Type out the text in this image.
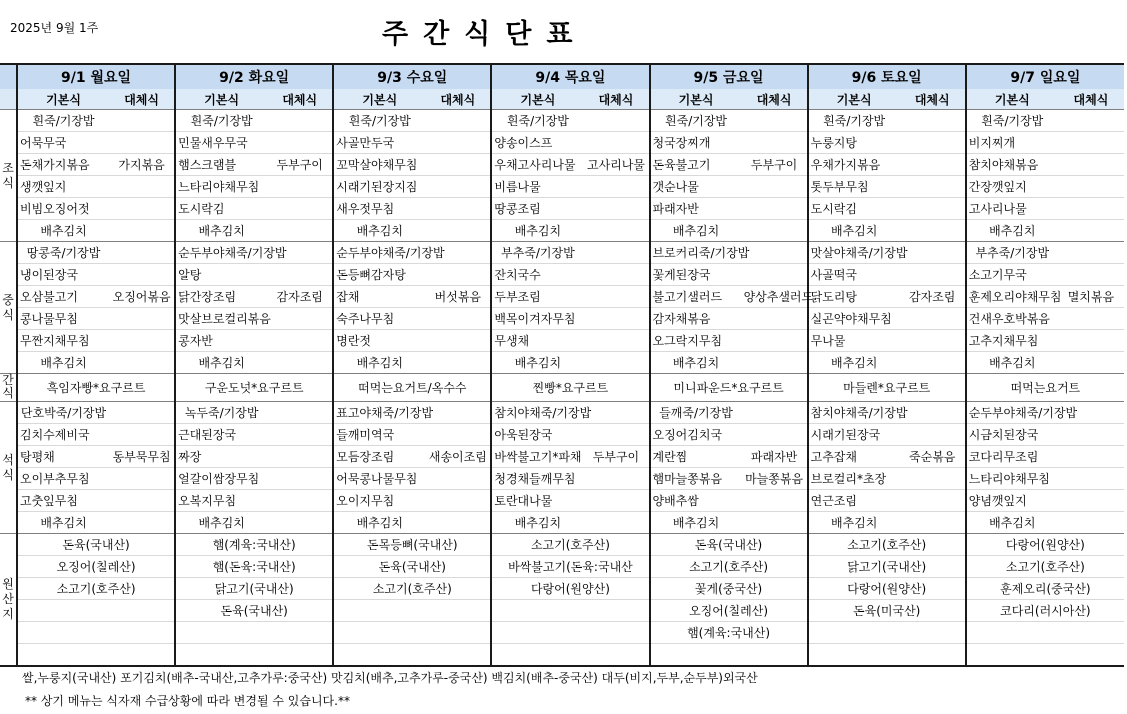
2025년 9월 1주	주간식단표
	9/1 월요일		9/2 화요일		9/3 수요일		9/4 목요일		9/5 금요일		9/6 토요일		9/7 일요일	
	기본식	대체식	기본식	대체식	기본식	대체식	기본식	대체식	기본식	대체식	기본식	대체식	기본식	대체식
조식	흰죽/기장밥		흰죽/기장밥		흰죽/기장밥		흰죽/기장밥		흰죽/기장밥		흰죽/기장밥		흰죽/기장밥	
	어묵무국		민물새우무국		사골만두국		양송이스프		청국장찌개		누룽지탕		비지찌개	
	돈채가지볶음	가지볶음	햄스크램블	두부구이	꼬막살야채무침		우채고사리나물	고사리나물	돈육불고기	두부구이	우채가지볶음		참치야채볶음	
	생깻잎지		느타리야채무침		시래기된장지짐		비름나물		갯순나물		톳두부무침		간장깻잎지	
	비빔오징어젓		도시락김		새우젓무침		땅콩조림		파래자반		도시락김		고사리나물	
	배추김치		배추김치		배추김치		배추김치		배추김치		배추김치		배추김치	
중식	땅콩죽/기장밥		순두부야채죽/기장밥		순두부야채죽/기장밥		부추죽/기장밥		브로커리죽/기장밥		맛살야채죽/기장밥		부추죽/기장밥	
	냉이된장국		알탕		돈등뼈감자탕		잔치국수		꽃게된장국		사골떡국		소고기무국	
	오삼불고기	오징어볶음	닭간장조림	감자조림	잡채	버섯볶음	두부조림		불고기샐러드	양상추샐러드	닭도리탕	감자조림	훈제오리야채무침	멸치볶음
	콩나물무침		맛살브로컬리볶음		숙주나무침		백목이겨자무침		감자채볶음		실곤약야채무침		건새우호박볶음	
	무짠지채무침		콩자반		명란젓		무생채		오그락지무침		무나물		고추지채무침	
	배추김치		배추김치		배추김치		배추김치		배추김치		배추김치		배추김치	
간식	흑임자빵*요구르트		구운도넛*요구르트		떠먹는요거트/옥수수		찐빵*요구르트		미니파운드*요구르트		마들렌*요구르트		떠먹는요거트	
석식	단호박죽/기장밥		녹두죽/기장밥		표고야채죽/기장밥		참치야채죽/기장밥		들깨죽/기장밥		참치야채죽/기장밥		순두부야채죽/기장밥	
	김치수제비국		근대된장국		들깨미역국		아욱된장국		오징어김치국		시래기된장국		시금치된장국	
	탕평채	동부묵무침	짜장		모듬장조림	새송이조림	바싹불고기*파채	두부구이	계란찜	파래자반	고추잡채	죽순볶음	코다리무조림	
	오이부추무침		얼갈이쌈장무침		어묵콩나물무침		청경채들깨무침		햄마늘쫑볶음	마늘쫑볶음	브로컬리*초장		느타리야채무침	
	고춧잎무침		오복지무침		오이지무침		토란대나물		양배추쌈		연근조림		양념깻잎지	
	배추김치		배추김치		배추김치		배추김치		배추김치		배추김치		배추김치	
원산지	돈육(국내산)		햄(계육:국내산)		돈목등뼈(국내산)		소고기(호주산)		돈육(국내산)		소고기(호주산)		다랑어(원양산)	
	오징어(칠레산)		햄(돈육:국내산)		돈육(국내산)		바싹불고기(돈육:국내산		소고기(호주산)		닭고기(국내산)		소고기(호주산)	
	소고기(호주산)		닭고기(국내산)		소고기(호주산)		다랑어(원양산)		꽃게(중국산)		다랑어(원양산)		훈제오리(중국산)	
			돈육(국내산)						오징어(칠레산)		돈육(미국산)		코다리(러시아산)	
									햄(계육:국내산)					

쌀,누룽지(국내산) 포기김치(배추-국내산,고추가루:중국산) 맛김치(배추,고추가루-중국산) 백김치(배추-중국산) 대두(비지,두부,순두부)외국산
** 상기 메뉴는 식자재 수급상황에 따라 변경될 수 있습니다.**
